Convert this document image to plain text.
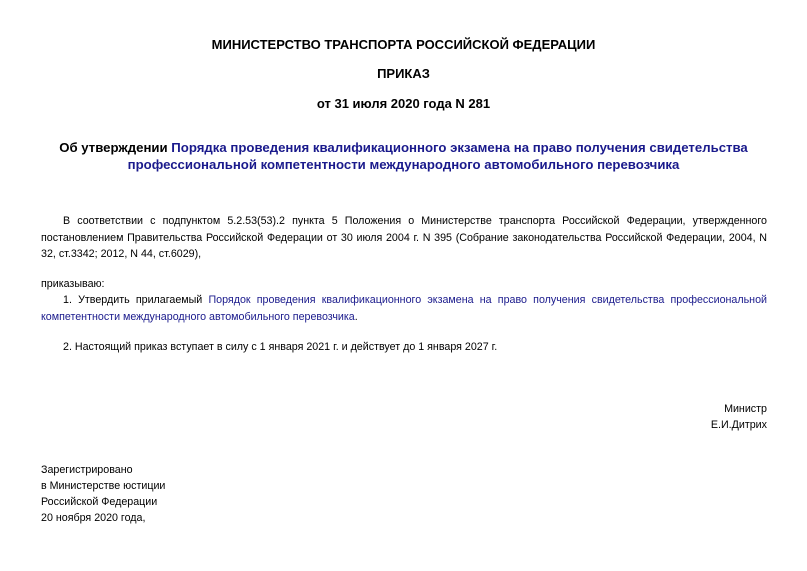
МИНИСТЕРСТВО ТРАНСПОРТА РОССИЙСКОЙ ФЕДЕРАЦИИ
ПРИКАЗ
от 31 июля 2020 года N 281
Об утверждении Порядка проведения квалификационного экзамена на право получения свидетельства профессиональной компетентности международного автомобильного перевозчика
В соответствии с подпунктом 5.2.53(53).2 пункта 5 Положения о Министерстве транспорта Российской Федерации, утвержденного постановлением Правительства Российской Федерации от 30 июля 2004 г. N 395 (Собрание законодательства Российской Федерации, 2004, N 32, ст.3342; 2012, N 44, ст.6029),
приказываю:
1. Утвердить прилагаемый Порядок проведения квалификационного экзамена на право получения свидетельства профессиональной компетентности международного автомобильного перевозчика.
2. Настоящий приказ вступает в силу с 1 января 2021 г. и действует до 1 января 2027 г.
Министр
Е.И.Дитрих
Зарегистрировано
в Министерстве юстиции
Российской Федерации
20 ноября 2020 года,
